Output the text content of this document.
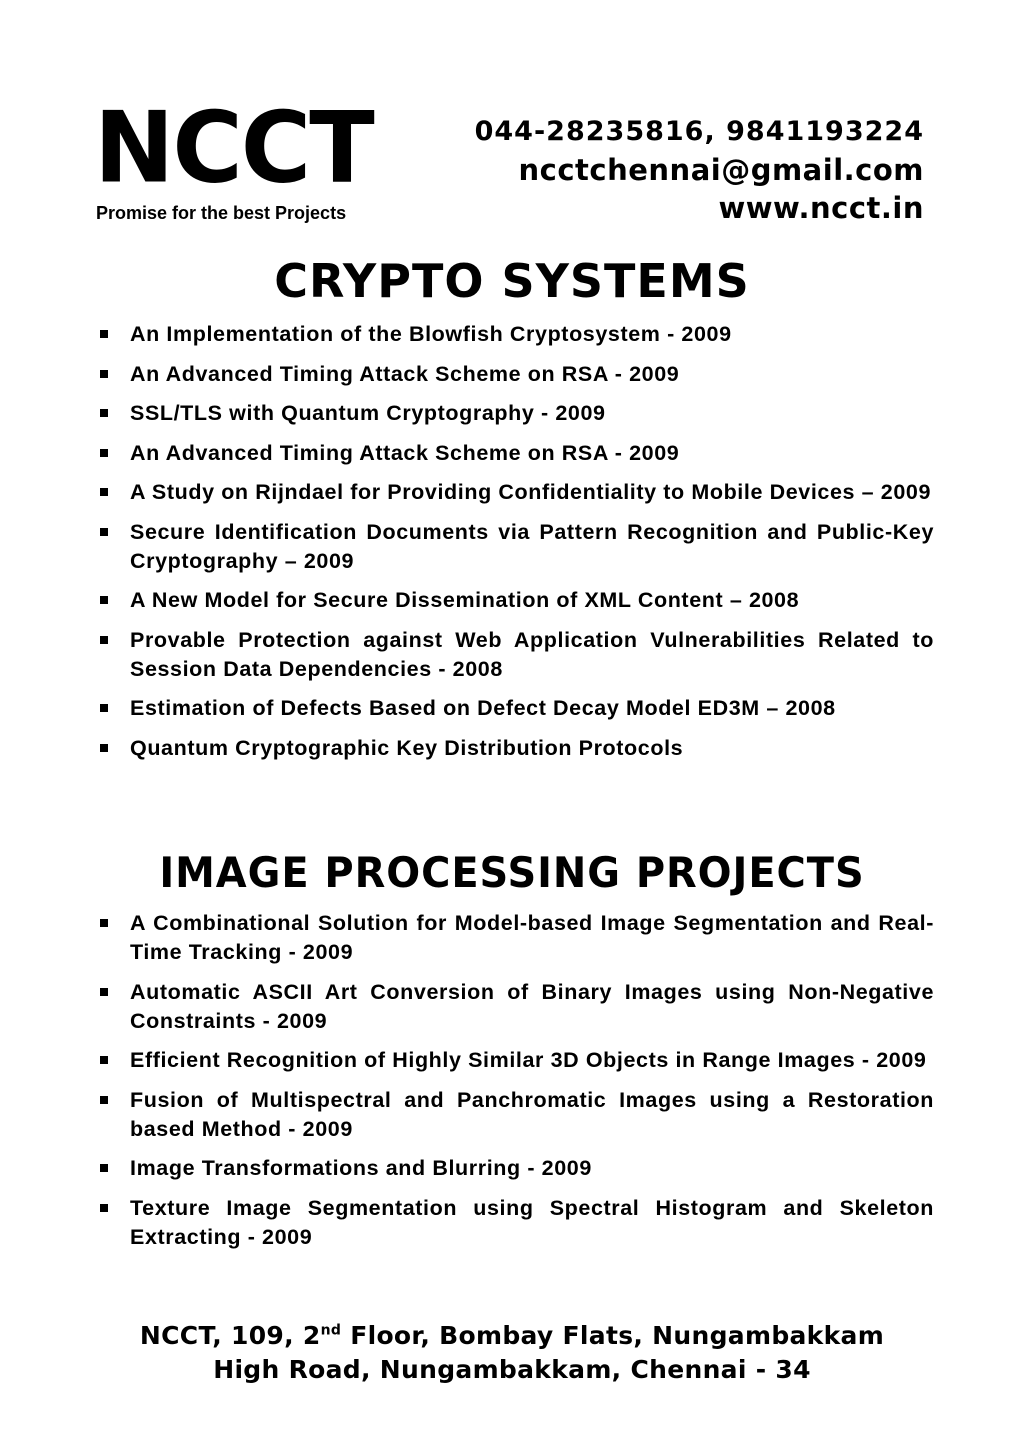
NCCT
Promise for the best Projects
044-28235816, 9841193224
ncctchennai@gmail.com
www.ncct.in
CRYPTO SYSTEMS
An Implementation of the Blowfish Cryptosystem - 2009
An Advanced Timing Attack Scheme on RSA - 2009
SSL/TLS with Quantum Cryptography - 2009
An Advanced Timing Attack Scheme on RSA - 2009
A Study on Rijndael for Providing Confidentiality to Mobile Devices – 2009
Secure Identification Documents via Pattern Recognition and Public-Key Cryptography – 2009
A New Model for Secure Dissemination of XML Content – 2008
Provable Protection against Web Application Vulnerabilities Related to Session Data Dependencies - 2008
Estimation of Defects Based on Defect Decay Model ED3M – 2008
Quantum Cryptographic Key Distribution Protocols
IMAGE PROCESSING PROJECTS
A Combinational Solution for Model-based Image Segmentation and Real-Time Tracking - 2009
Automatic ASCII Art Conversion of Binary Images using Non-Negative Constraints - 2009
Efficient Recognition of Highly Similar 3D Objects in Range Images - 2009
Fusion of Multispectral and Panchromatic Images using a Restoration based Method - 2009
Image Transformations and Blurring - 2009
Texture Image Segmentation using Spectral Histogram and Skeleton Extracting - 2009
NCCT, 109, 2nd Floor, Bombay Flats, Nungambakkam
High Road, Nungambakkam, Chennai - 34
